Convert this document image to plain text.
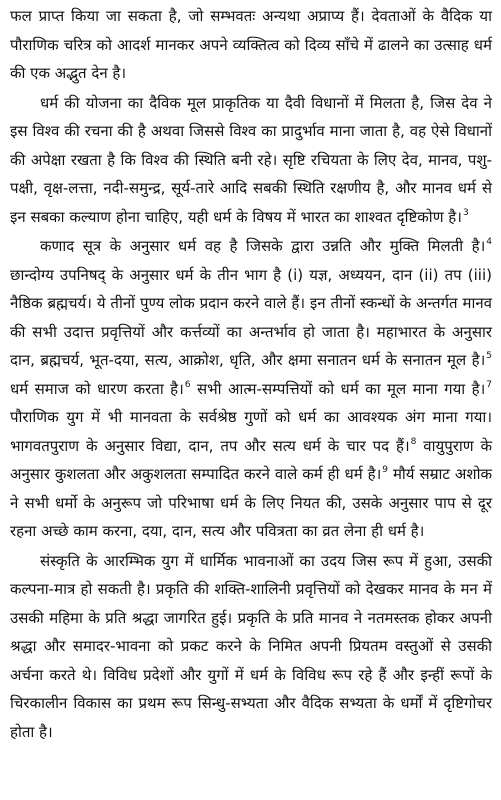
फल प्राप्त किया जा सकता है, जो सम्भवतः अन्यथा अप्राप्य हैं। देवताओं के वैदिक या पौराणिक चरित्र को आदर्श मानकर अपने व्यक्तित्व को दिव्य साँचे में ढालने का उत्साह धर्म की एक अद्भुत देन है।

धर्म की योजना का दैविक मूल प्राकृतिक या दैवी विधानों में मिलता है, जिस देव ने इस विश्व की रचना की है अथवा जिससे विश्व का प्रादुर्भाव माना जाता है, वह ऐसे विधानों की अपेक्षा रखता है कि विश्व की स्थिति बनी रहे। सृष्टि रचियता के लिए देव, मानव, पशु-पक्षी, वृक्ष-लत्ता, नदी-समुन्द्र, सूर्य-तारे आदि सबकी स्थिति रक्षणीय है, और मानव धर्म से इन सबका कल्याण होना चाहिए, यही धर्म के विषय में भारत का शाश्वत दृष्टिकोण है।$^3$

कणाद सूत्र के अनुसार धर्म वह है जिसके द्वारा उन्नति और मुक्ति मिलती है।$^4$ छान्दोग्य उपनिषद् के अनुसार धर्म के तीन भाग है (i) यज्ञ, अध्ययन, दान (ii) तप (iii) नैष्ठिक ब्रह्मचर्य। ये तीनों पुण्य लोक प्रदान करने वाले हैं। इन तीनों स्कन्धों के अन्तर्गत मानव की सभी उदात्त प्रवृत्तियों और कर्त्तव्यों का अन्तर्भाव हो जाता है। महाभारत के अनुसार दान, ब्रह्मचर्य, भूत-दया, सत्य, आक्रोश, धृति, और क्षमा सनातन धर्म के सनातन मूल है।$^5$ धर्म समाज को धारण करता है।$^6$ सभी आत्म-सम्पत्तियों को धर्म का मूल माना गया है।$^7$ पौराणिक युग में भी मानवता के सर्वश्रेष्ठ गुणों को धर्म का आवश्यक अंग माना गया। भागवतपुराण के अनुसार विद्या, दान, तप और सत्य धर्म के चार पद हैं।$^8$ वायुपुराण के अनुसार कुशलता और अकुशलता सम्पादित करने वाले कर्म ही धर्म है।$^9$ मौर्य सम्राट अशोक ने सभी धर्मो के अनुरूप जो परिभाषा धर्म के लिए नियत की, उसके अनुसार पाप से दूर रहना अच्छे काम करना, दया, दान, सत्य और पवित्रता का व्रत लेना ही धर्म है।

संस्कृति के आरम्भिक युग में धार्मिक भावनाओं का उदय जिस रूप में हुआ, उसकी कल्पना-मात्र हो सकती है। प्रकृति की शक्ति-शालिनी प्रवृत्तियों को देखकर मानव के मन में उसकी महिमा के प्रति श्रद्धा जागरित हुई। प्रकृति के प्रति मानव ने नतमस्तक होकर अपनी श्रद्धा और समादर-भावना को प्रकट करने के निमित अपनी प्रियतम वस्तुओं से उसकी अर्चना करते थे। विविध प्रदेशों और युगों में धर्म के विविध रूप रहे हैं और इन्हीं रूपों के चिरकालीन विकास का प्रथम रूप सिन्धु-सभ्यता और वैदिक सभ्यता के धर्मों में दृष्टिगोचर होता है।
